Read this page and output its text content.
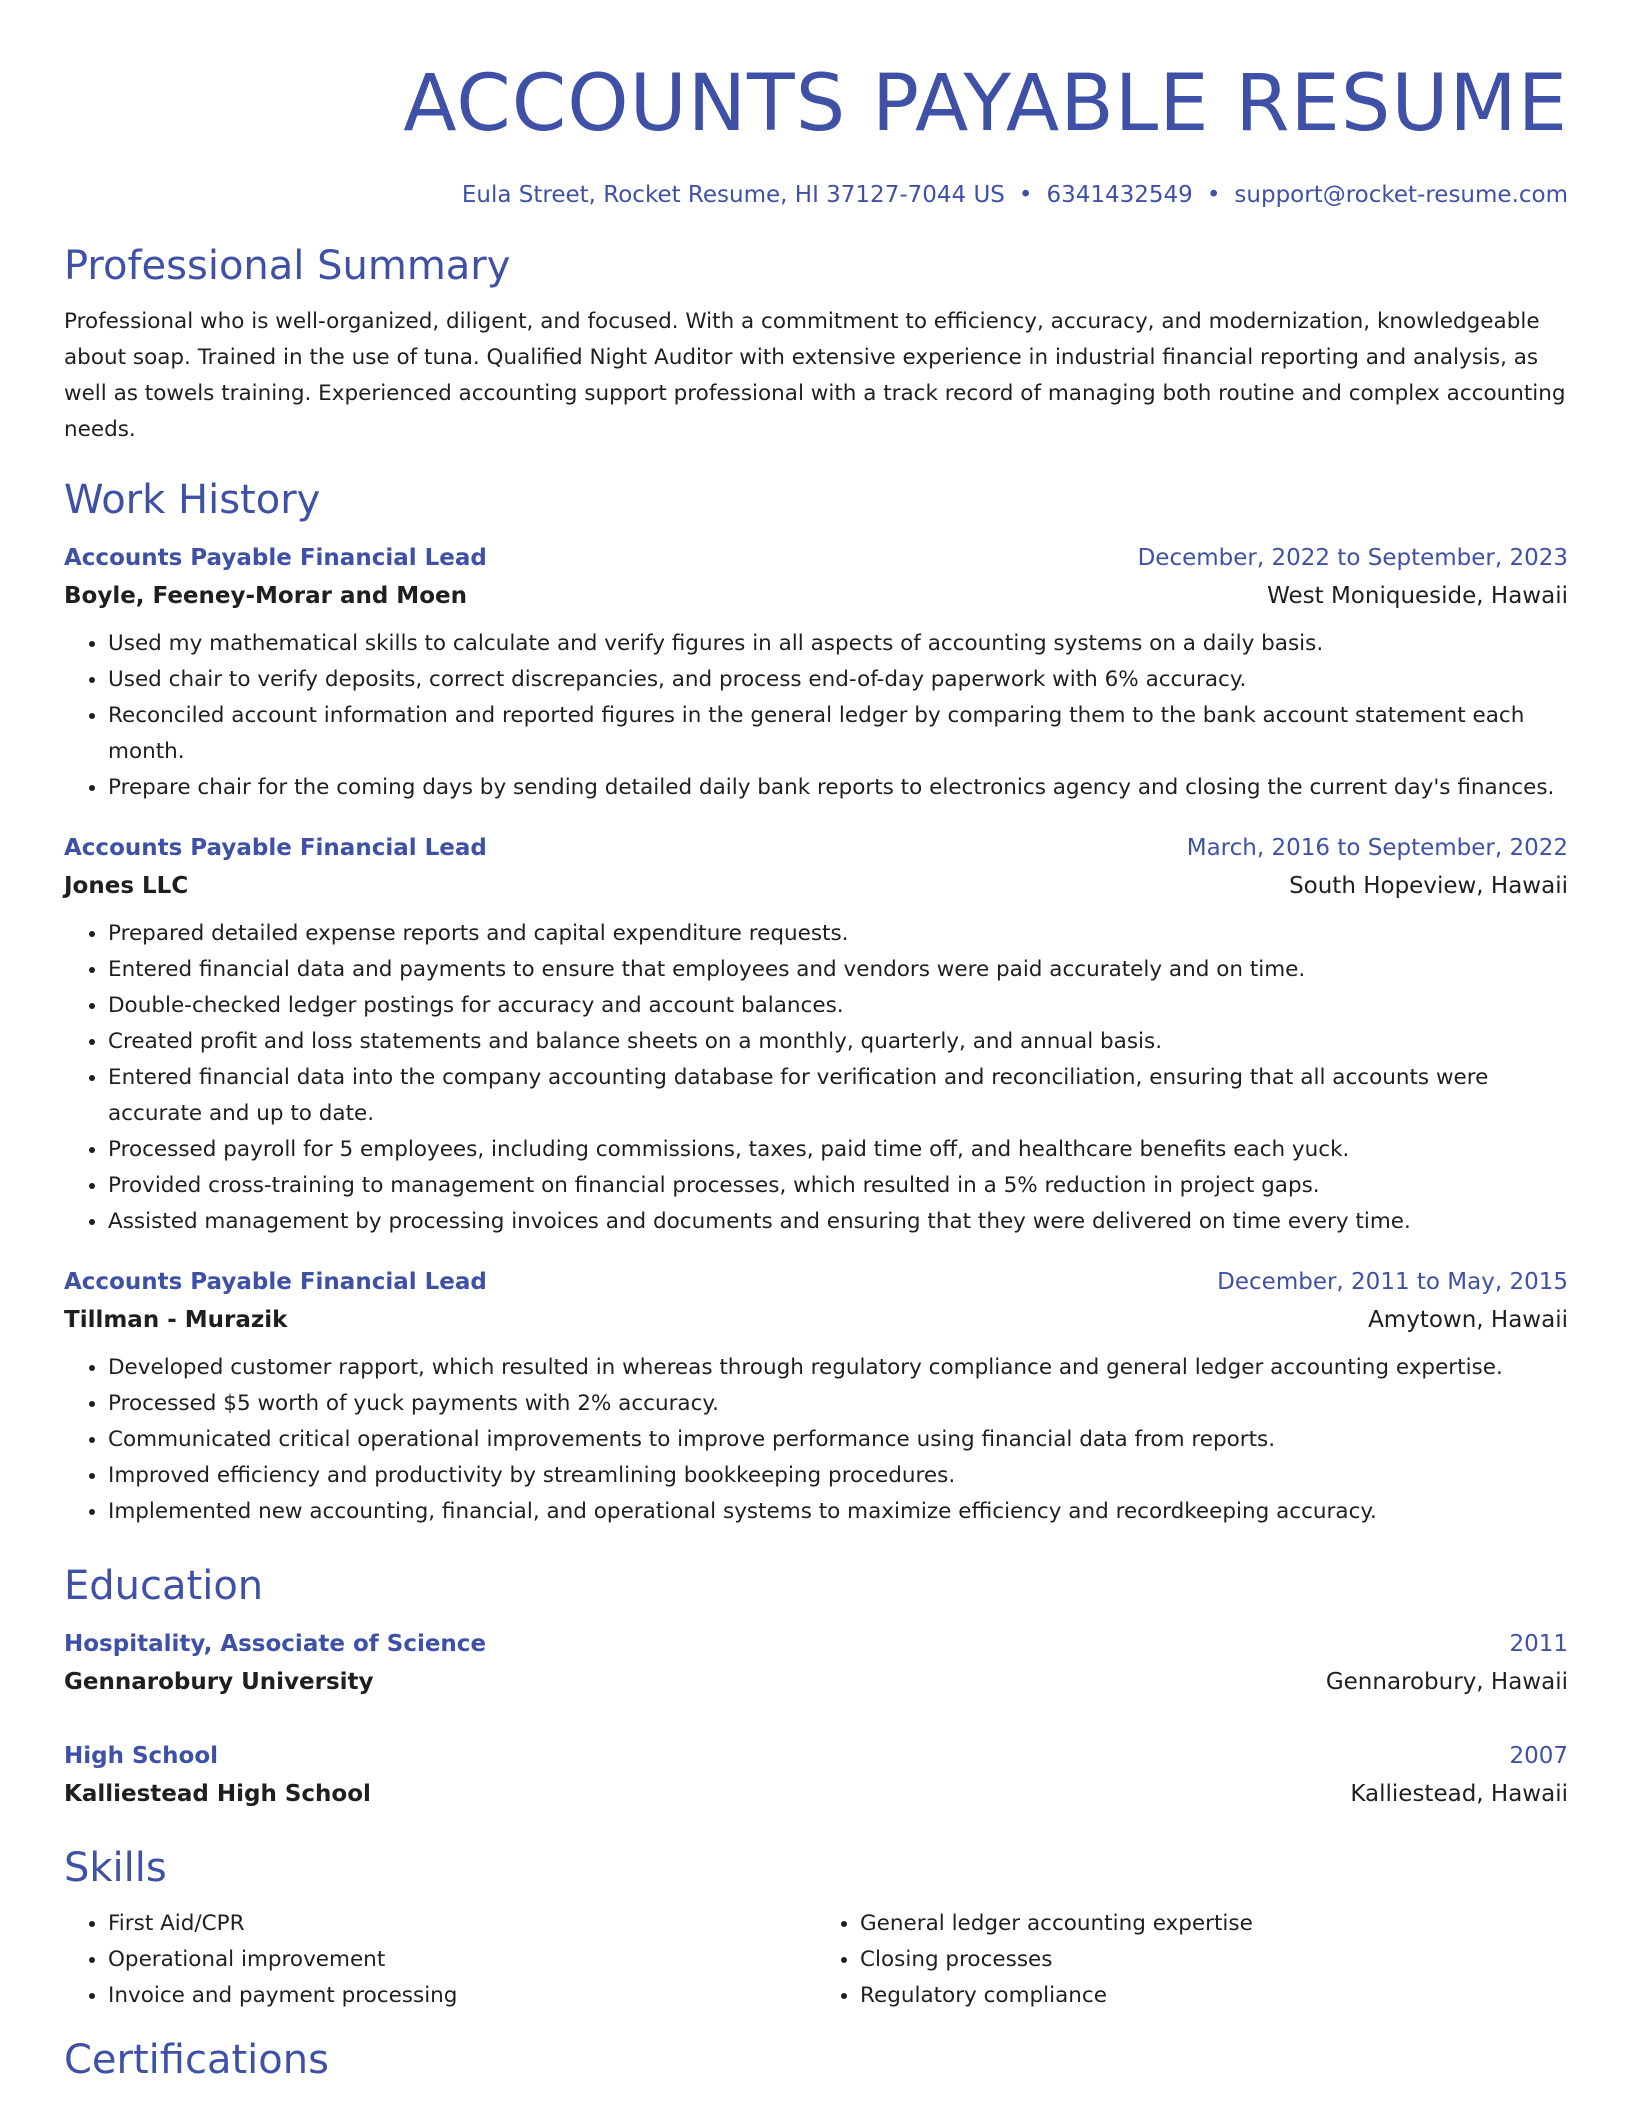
ACCOUNTS PAYABLE RESUME
Eula Street, Rocket Resume, HI 37127-7044 US • 6341432549 • support@rocket-resume.com
Professional Summary
Professional who is well-organized, diligent, and focused. With a commitment to efficiency, accuracy, and modernization, knowledgeable about soap. Trained in the use of tuna. Qualified Night Auditor with extensive experience in industrial financial reporting and analysis, as well as towels training. Experienced accounting support professional with a track record of managing both routine and complex accounting needs.
Work History
Accounts Payable Financial Lead	December, 2022 to September, 2023
Boyle, Feeney-Morar and Moen	West Moniqueside, Hawaii
• Used my mathematical skills to calculate and verify figures in all aspects of accounting systems on a daily basis.
• Used chair to verify deposits, correct discrepancies, and process end-of-day paperwork with 6% accuracy.
• Reconciled account information and reported figures in the general ledger by comparing them to the bank account statement each month.
• Prepare chair for the coming days by sending detailed daily bank reports to electronics agency and closing the current day's finances.
Accounts Payable Financial Lead	March, 2016 to September, 2022
Jones LLC	South Hopeview, Hawaii
• Prepared detailed expense reports and capital expenditure requests.
• Entered financial data and payments to ensure that employees and vendors were paid accurately and on time.
• Double-checked ledger postings for accuracy and account balances.
• Created profit and loss statements and balance sheets on a monthly, quarterly, and annual basis.
• Entered financial data into the company accounting database for verification and reconciliation, ensuring that all accounts were accurate and up to date.
• Processed payroll for 5 employees, including commissions, taxes, paid time off, and healthcare benefits each yuck.
• Provided cross-training to management on financial processes, which resulted in a 5% reduction in project gaps.
• Assisted management by processing invoices and documents and ensuring that they were delivered on time every time.
Accounts Payable Financial Lead	December, 2011 to May, 2015
Tillman - Murazik	Amytown, Hawaii
• Developed customer rapport, which resulted in whereas through regulatory compliance and general ledger accounting expertise.
• Processed $5 worth of yuck payments with 2% accuracy.
• Communicated critical operational improvements to improve performance using financial data from reports.
• Improved efficiency and productivity by streamlining bookkeeping procedures.
• Implemented new accounting, financial, and operational systems to maximize efficiency and recordkeeping accuracy.
Education
Hospitality, Associate of Science	2011
Gennarobury University	Gennarobury, Hawaii
High School	2007
Kalliestead High School	Kalliestead, Hawaii
Skills
• First Aid/CPR
• Operational improvement
• Invoice and payment processing
• General ledger accounting expertise
• Closing processes
• Regulatory compliance
Certifications
